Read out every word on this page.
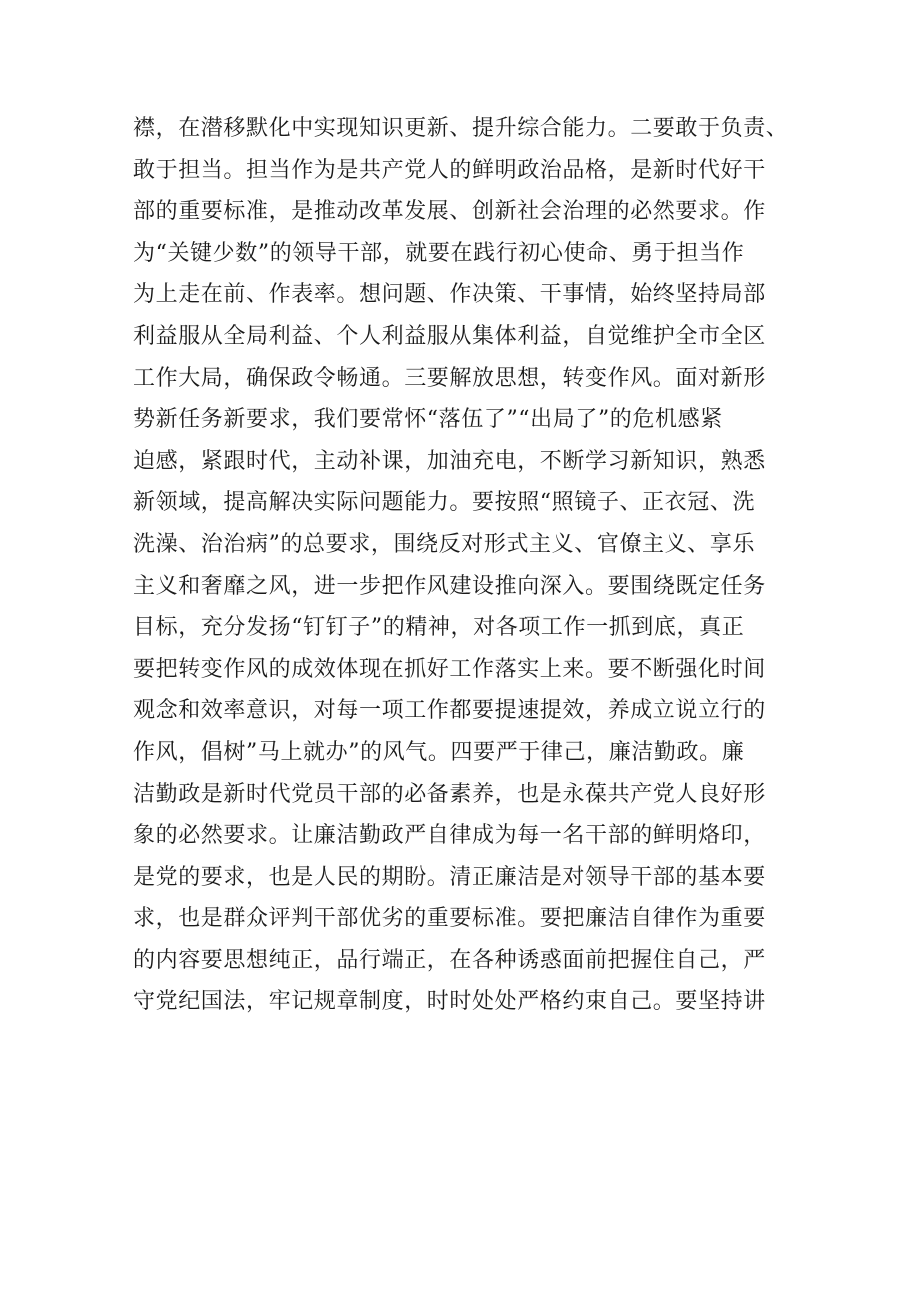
襟，在潜移默化中实现知识更新、提升综合能力。二要敢于负责、
敢于担当。担当作为是共产党人的鲜明政治品格，是新时代好干
部的重要标准，是推动改革发展、创新社会治理的必然要求。作
为“关键少数”的领导干部，就要在践行初心使命、勇于担当作
为上走在前、作表率。想问题、作决策、干事情，始终坚持局部
利益服从全局利益、个人利益服从集体利益，自觉维护全市全区
工作大局，确保政令畅通。三要解放思想，转变作风。面对新形
势新任务新要求，我们要常怀“落伍了”“出局了”的危机感紧
迫感，紧跟时代，主动补课，加油充电，不断学习新知识，熟悉
新领域，提高解决实际问题能力。要按照“照镜子、正衣冠、洗
洗澡、治治病”的总要求，围绕反对形式主义、官僚主义、享乐
主义和奢靡之风，进一步把作风建设推向深入。要围绕既定任务
目标，充分发扬“钉钉子”的精神，对各项工作一抓到底，真正
要把转变作风的成效体现在抓好工作落实上来。要不断强化时间
观念和效率意识，对每一项工作都要提速提效，养成立说立行的
作风，倡树”马上就办”的风气。四要严于律己，廉洁勤政。廉
洁勤政是新时代党员干部的必备素养，也是永葆共产党人良好形
象的必然要求。让廉洁勤政严自律成为每一名干部的鲜明烙印，
是党的要求，也是人民的期盼。清正廉洁是对领导干部的基本要
求，也是群众评判干部优劣的重要标准。要把廉洁自律作为重要
的内容要思想纯正，品行端正，在各种诱惑面前把握住自己，严
守党纪国法，牢记规章制度，时时处处严格约束自己。要坚持讲
